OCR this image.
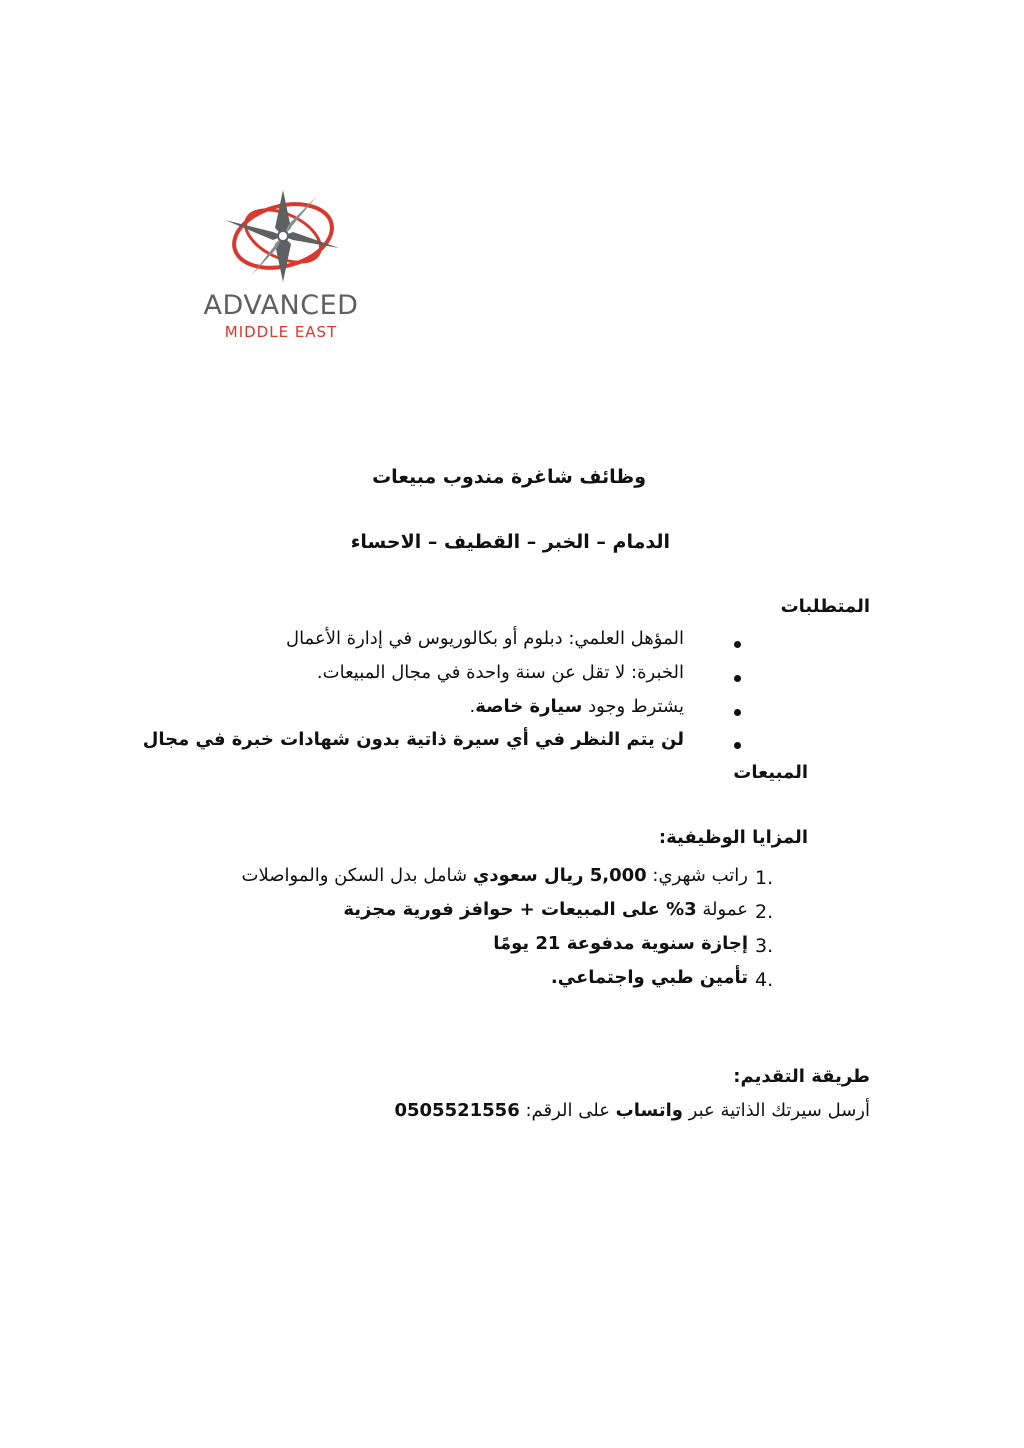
ADVANCED
MIDDLE EAST
وظائف شاغرة مندوب مبيعات
الدمام – الخبر – القطيف – الاحساء
المتطلبات
المؤهل العلمي: دبلوم أو بكالوريوس في إدارة الأعمال
الخبرة: لا تقل عن سنة واحدة في مجال المبيعات.
يشترط وجود سيارة خاصة.
لن يتم النظر في أي سيرة ذاتية بدون شهادات خبرة في مجال
المبيعات
المزايا الوظيفية:
1.
راتب شهري: 5,000 ريال سعودي شامل بدل السكن والمواصلات
2.
عمولة 3% على المبيعات + حوافز فورية مجزية
3.
إجازة سنوية مدفوعة 21 يومًا
4.
تأمين طبي واجتماعي.
طريقة التقديم:
أرسل سيرتك الذاتية عبر واتساب على الرقم: 0505521556
